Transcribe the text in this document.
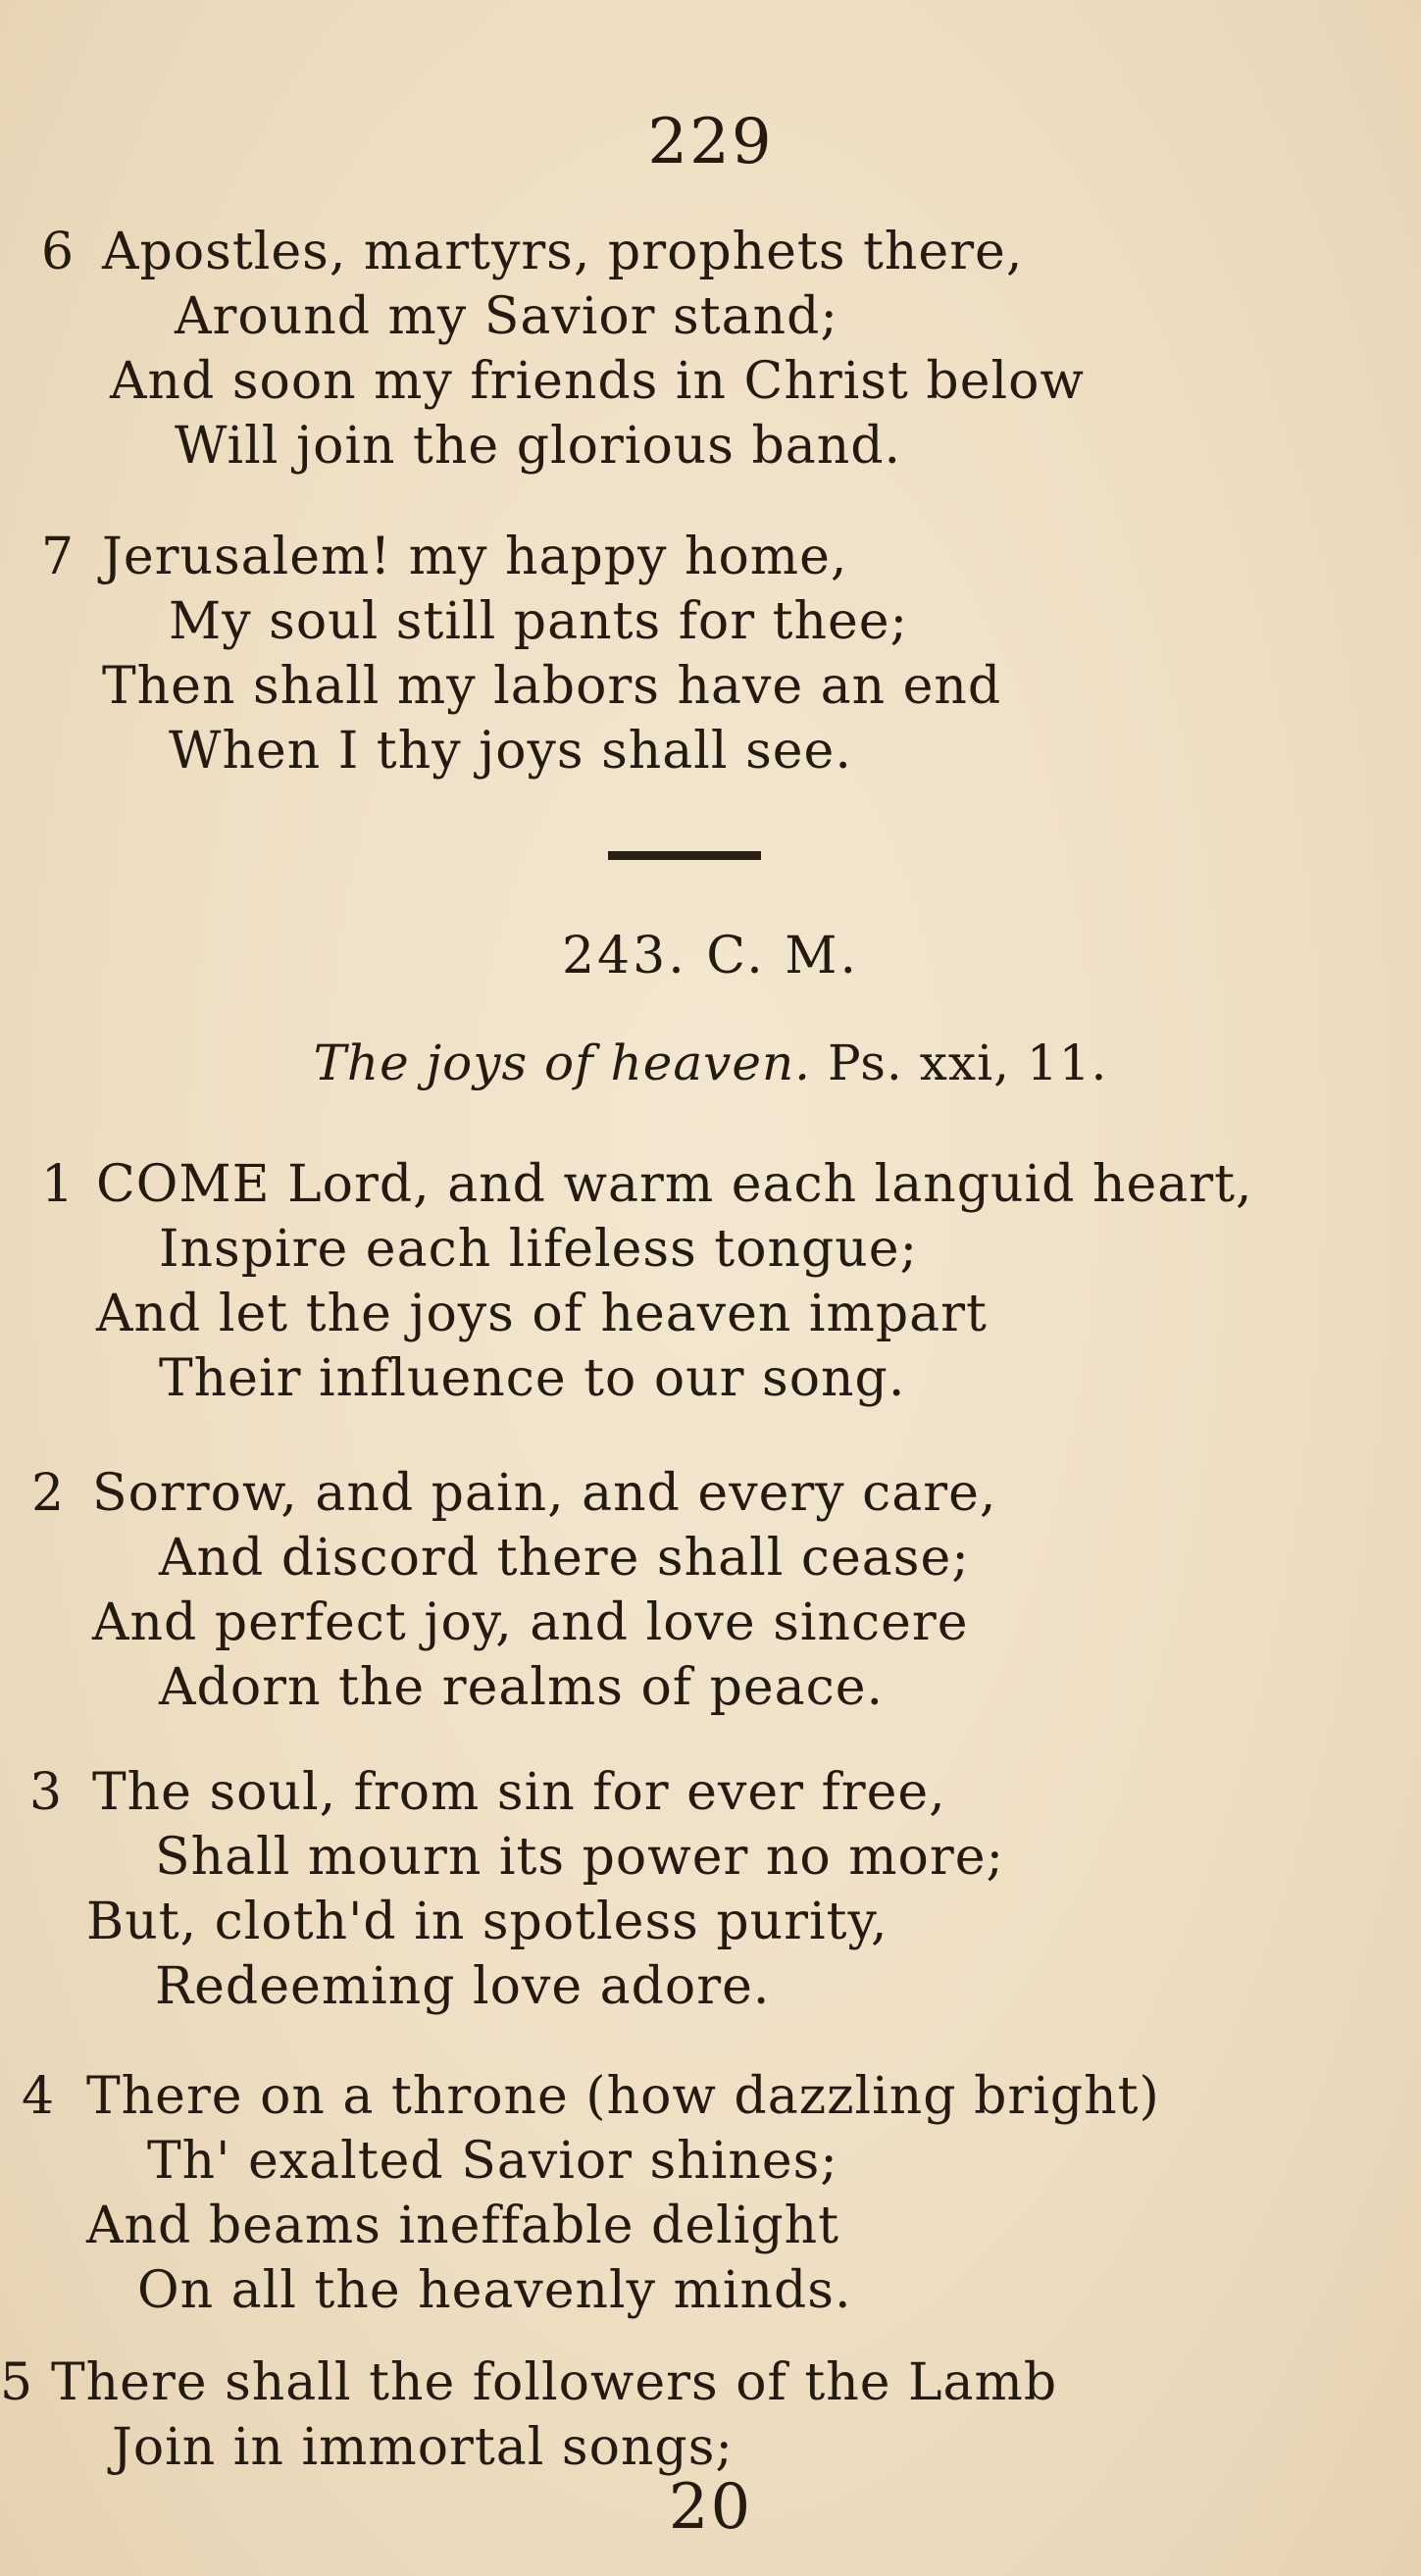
229
6 Apostles, martyrs, prophets there,
Around my Savior stand;
And soon my friends in Christ below
Will join the glorious band.
7 Jerusalem! my happy home,
My soul still pants for thee;
Then shall my labors have an end
When I thy joys shall see.
243. C. M.
The joys of heaven. Ps. xxi, 11.
1 COME Lord, and warm each languid heart,
Inspire each lifeless tongue;
And let the joys of heaven impart
Their influence to our song.
2 Sorrow, and pain, and every care,
And discord there shall cease;
And perfect joy, and love sincere
Adorn the realms of peace.
3 The soul, from sin for ever free,
Shall mourn its power no more;
But, cloth'd in spotless purity,
Redeeming love adore.
4 There on a throne (how dazzling bright)
Th' exalted Savior shines;
And beams ineffable delight
On all the heavenly minds.
5 There shall the followers of the Lamb
Join in immortal songs;
20
